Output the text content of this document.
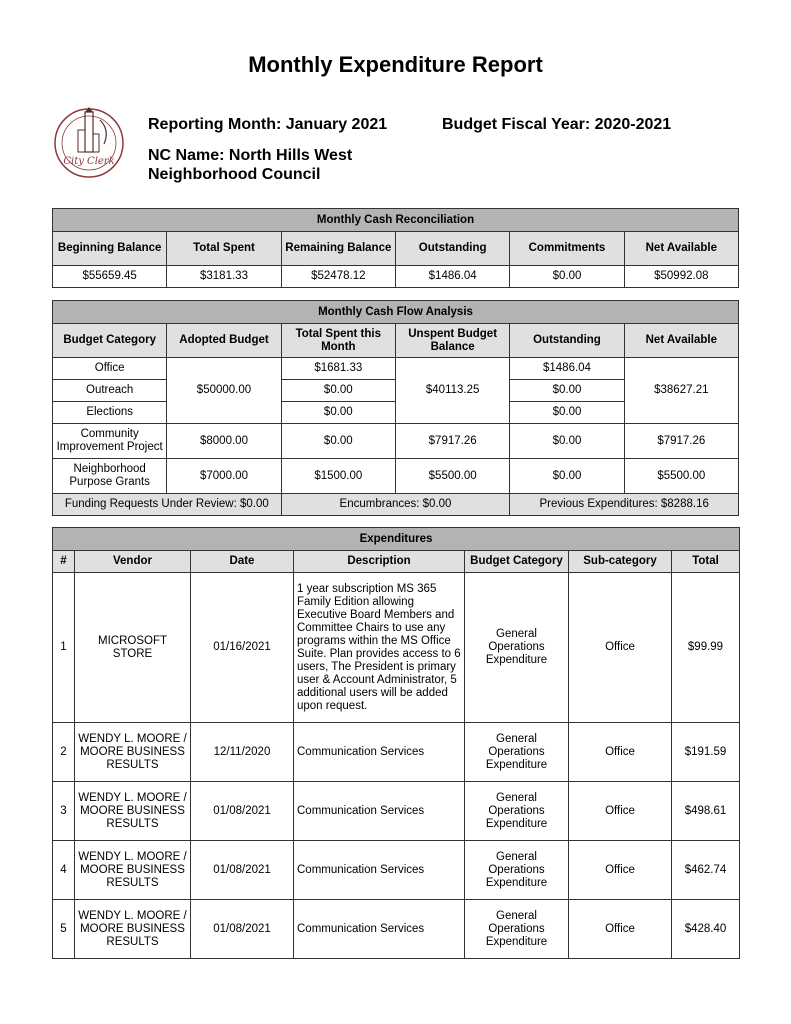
Monthly Expenditure Report
City Clerk
Reporting Month: January 2021	Budget Fiscal Year: 2020-2021
NC Name: North Hills West
Neighborhood Council
Monthly Cash Reconciliation					
Beginning Balance	Total Spent	Remaining Balance	Outstanding	Commitments	Net Available
$55659.45	$3181.33	$52478.12	$1486.04	$0.00	$50992.08
Monthly Cash Flow Analysis					
Budget Category	Adopted Budget	Total Spent this Month	Unspent Budget Balance	Outstanding	Net Available
Office	$50000.00	$1681.33	$40113.25	$1486.04	$38627.21
Outreach		$0.00		$0.00	
Elections		$0.00		$0.00	
Community Improvement Project	$8000.00	$0.00	$7917.26	$0.00	$7917.26
Neighborhood Purpose Grants	$7000.00	$1500.00	$5500.00	$0.00	$5500.00
Funding Requests Under Review: $0.00		Encumbrances: $0.00		Previous Expenditures: $8288.16	
Expenditures						
#	Vendor	Date	Description	Budget Category	Sub-category	Total
1	MICROSOFT STORE	01/16/2021	1 year subscription MS 365 Family Edition allowing Executive Board Members and Committee Chairs to use any programs within the MS Office Suite. Plan provides access to 6 users, The President is primary user & Account Administrator, 5 additional users will be added upon request.	General Operations Expenditure	Office	$99.99
2	WENDY L. MOORE / MOORE BUSINESS RESULTS	12/11/2020	Communication Services	General Operations Expenditure	Office	$191.59
3	WENDY L. MOORE / MOORE BUSINESS RESULTS	01/08/2021	Communication Services	General Operations Expenditure	Office	$498.61
4	WENDY L. MOORE / MOORE BUSINESS RESULTS	01/08/2021	Communication Services	General Operations Expenditure	Office	$462.74
5	WENDY L. MOORE / MOORE BUSINESS RESULTS	01/08/2021	Communication Services	General Operations Expenditure	Office	$428.40
